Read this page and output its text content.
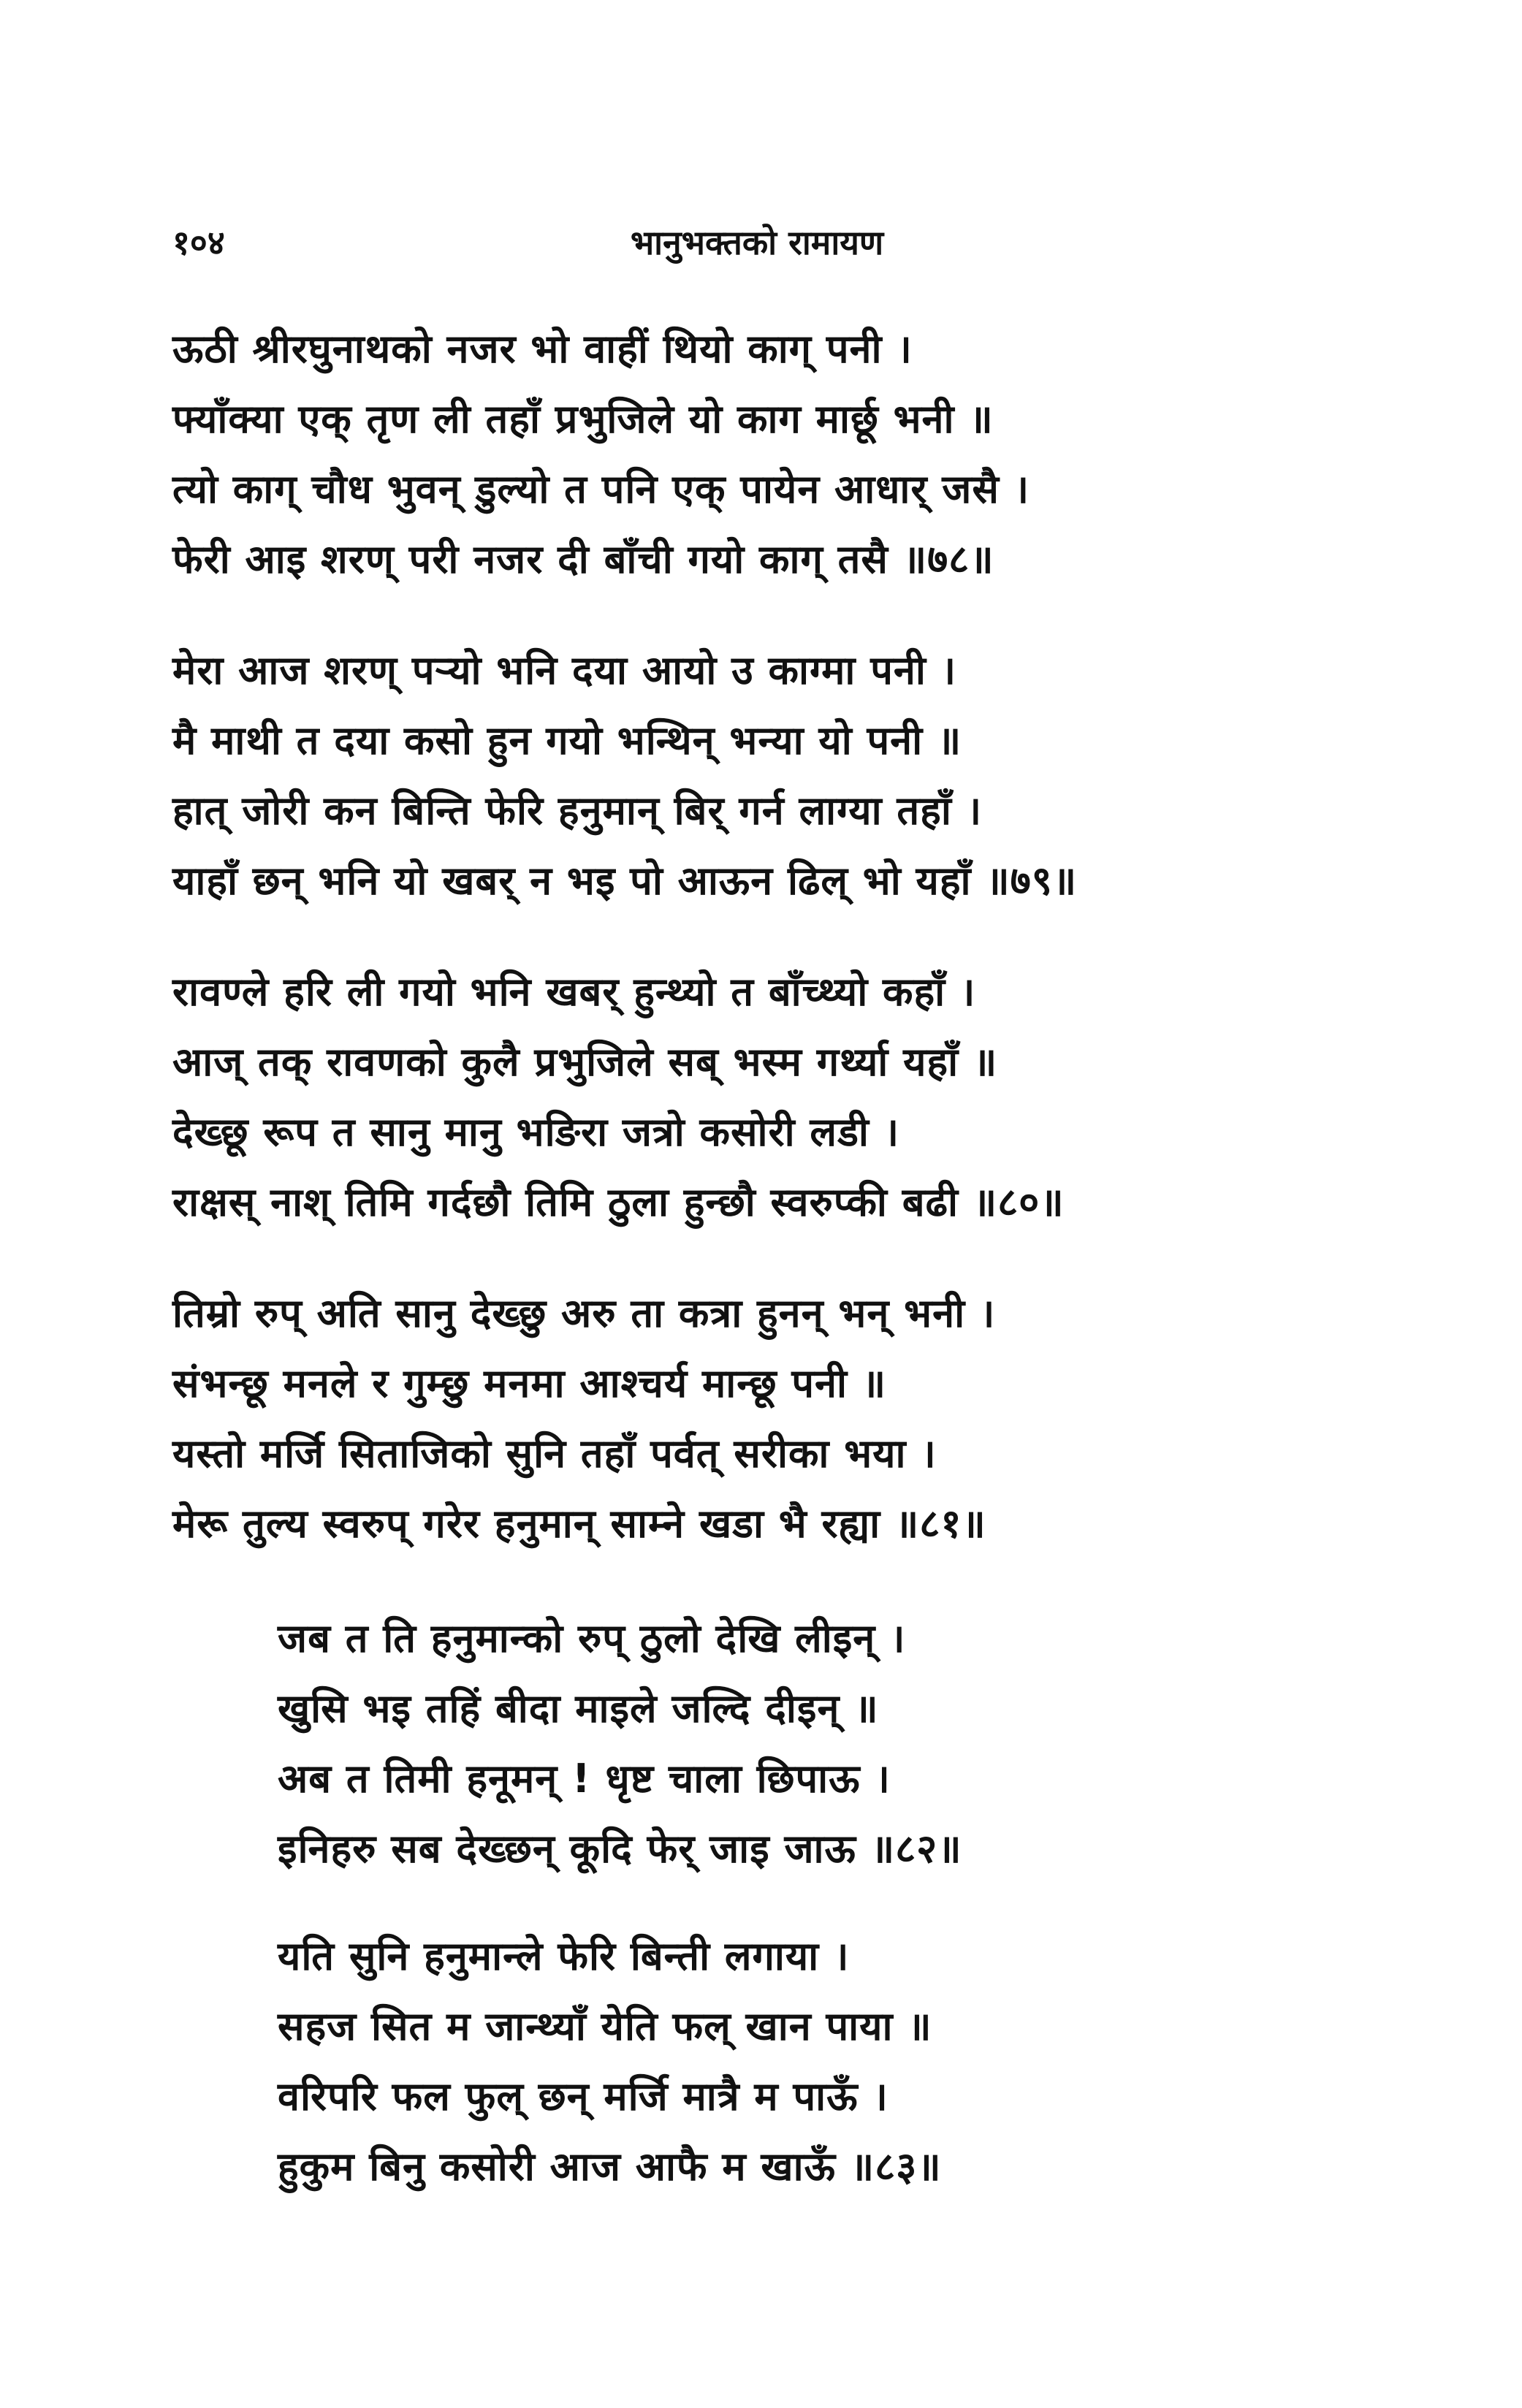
१०४	भानुभक्तको रामायण
ऊठी श्रीरघुनाथको नजर भो वाहीं थियो काग् पनी ।
फ्याँक्या एक् तृण ली तहाँ प्रभुजिले यो काग मार्छू भनी ॥
त्यो काग् चौध भुवन् डुल्यो त पनि एक् पायेन आधार् जसै ।
फेरी आइ शरण् परी नजर दी बाँची गयो काग् तसै ॥७८॥
मेरा आज शरण् पऱ्यो भनि दया आयो उ काग्मा पनी ।
मै माथी त दया कसो हुन गयो भन्थिन् भन्या यो पनी ॥
हात् जोरी कन बिन्ति फेरि हनुमान् बिर् गर्न लाग्या तहाँ ।
याहाँ छन् भनि यो खबर् न भइ पो आऊन ढिल् भो यहाँ ॥७९॥
रावण्ले हरि ली गयो भनि खबर् हुन्थ्यो त बाँच्थ्यो कहाँ ।
आज् तक् रावणको कुलै प्रभुजिले सब् भस्म गर्थ्या यहाँ ॥
देख्छू रूप त सानु मानु भङिरा जत्रो कसोरी लडी ।
राक्षस् नाश् तिमि गर्दछौ तिमि ठुला हुन्छौ स्वरुप्की बढी ॥८०॥
तिम्रो रुप् अति सानु देख्छु अरु ता कत्रा हुनन् भन् भनी ।
संभन्छू मनले र गुम्छु मनमा आश्चर्य मान्छू पनी ॥
यस्तो मर्जि सिताजिको सुनि तहाँ पर्वत् सरीका भया ।
मेरू तुल्य स्वरुप् गरेर हनुमान् साम्ने खडा भै रह्या ॥८१॥
जब त ति हनुमान्को रुप् ठुलो देखि लीइन् ।
खुसि भइ तहिं बीदा माइले जल्दि दीइन् ॥
अब त तिमी हनूमन् ! धृष्ट चाला छिपाऊ ।
इनिहरु सब देख्छन् कूदि फेर् जाइ जाऊ ॥८२॥
यति सुनि हनुमान्ले फेरि बिन्ती लगाया ।
सहज सित म जान्थ्याँ येति फल् खान पाया ॥
वरिपरि फल फुल् छन् मर्जि मात्रै म पाऊँ ।
हुकुम बिनु कसोरी आज आफै म खाऊँ ॥८३॥
